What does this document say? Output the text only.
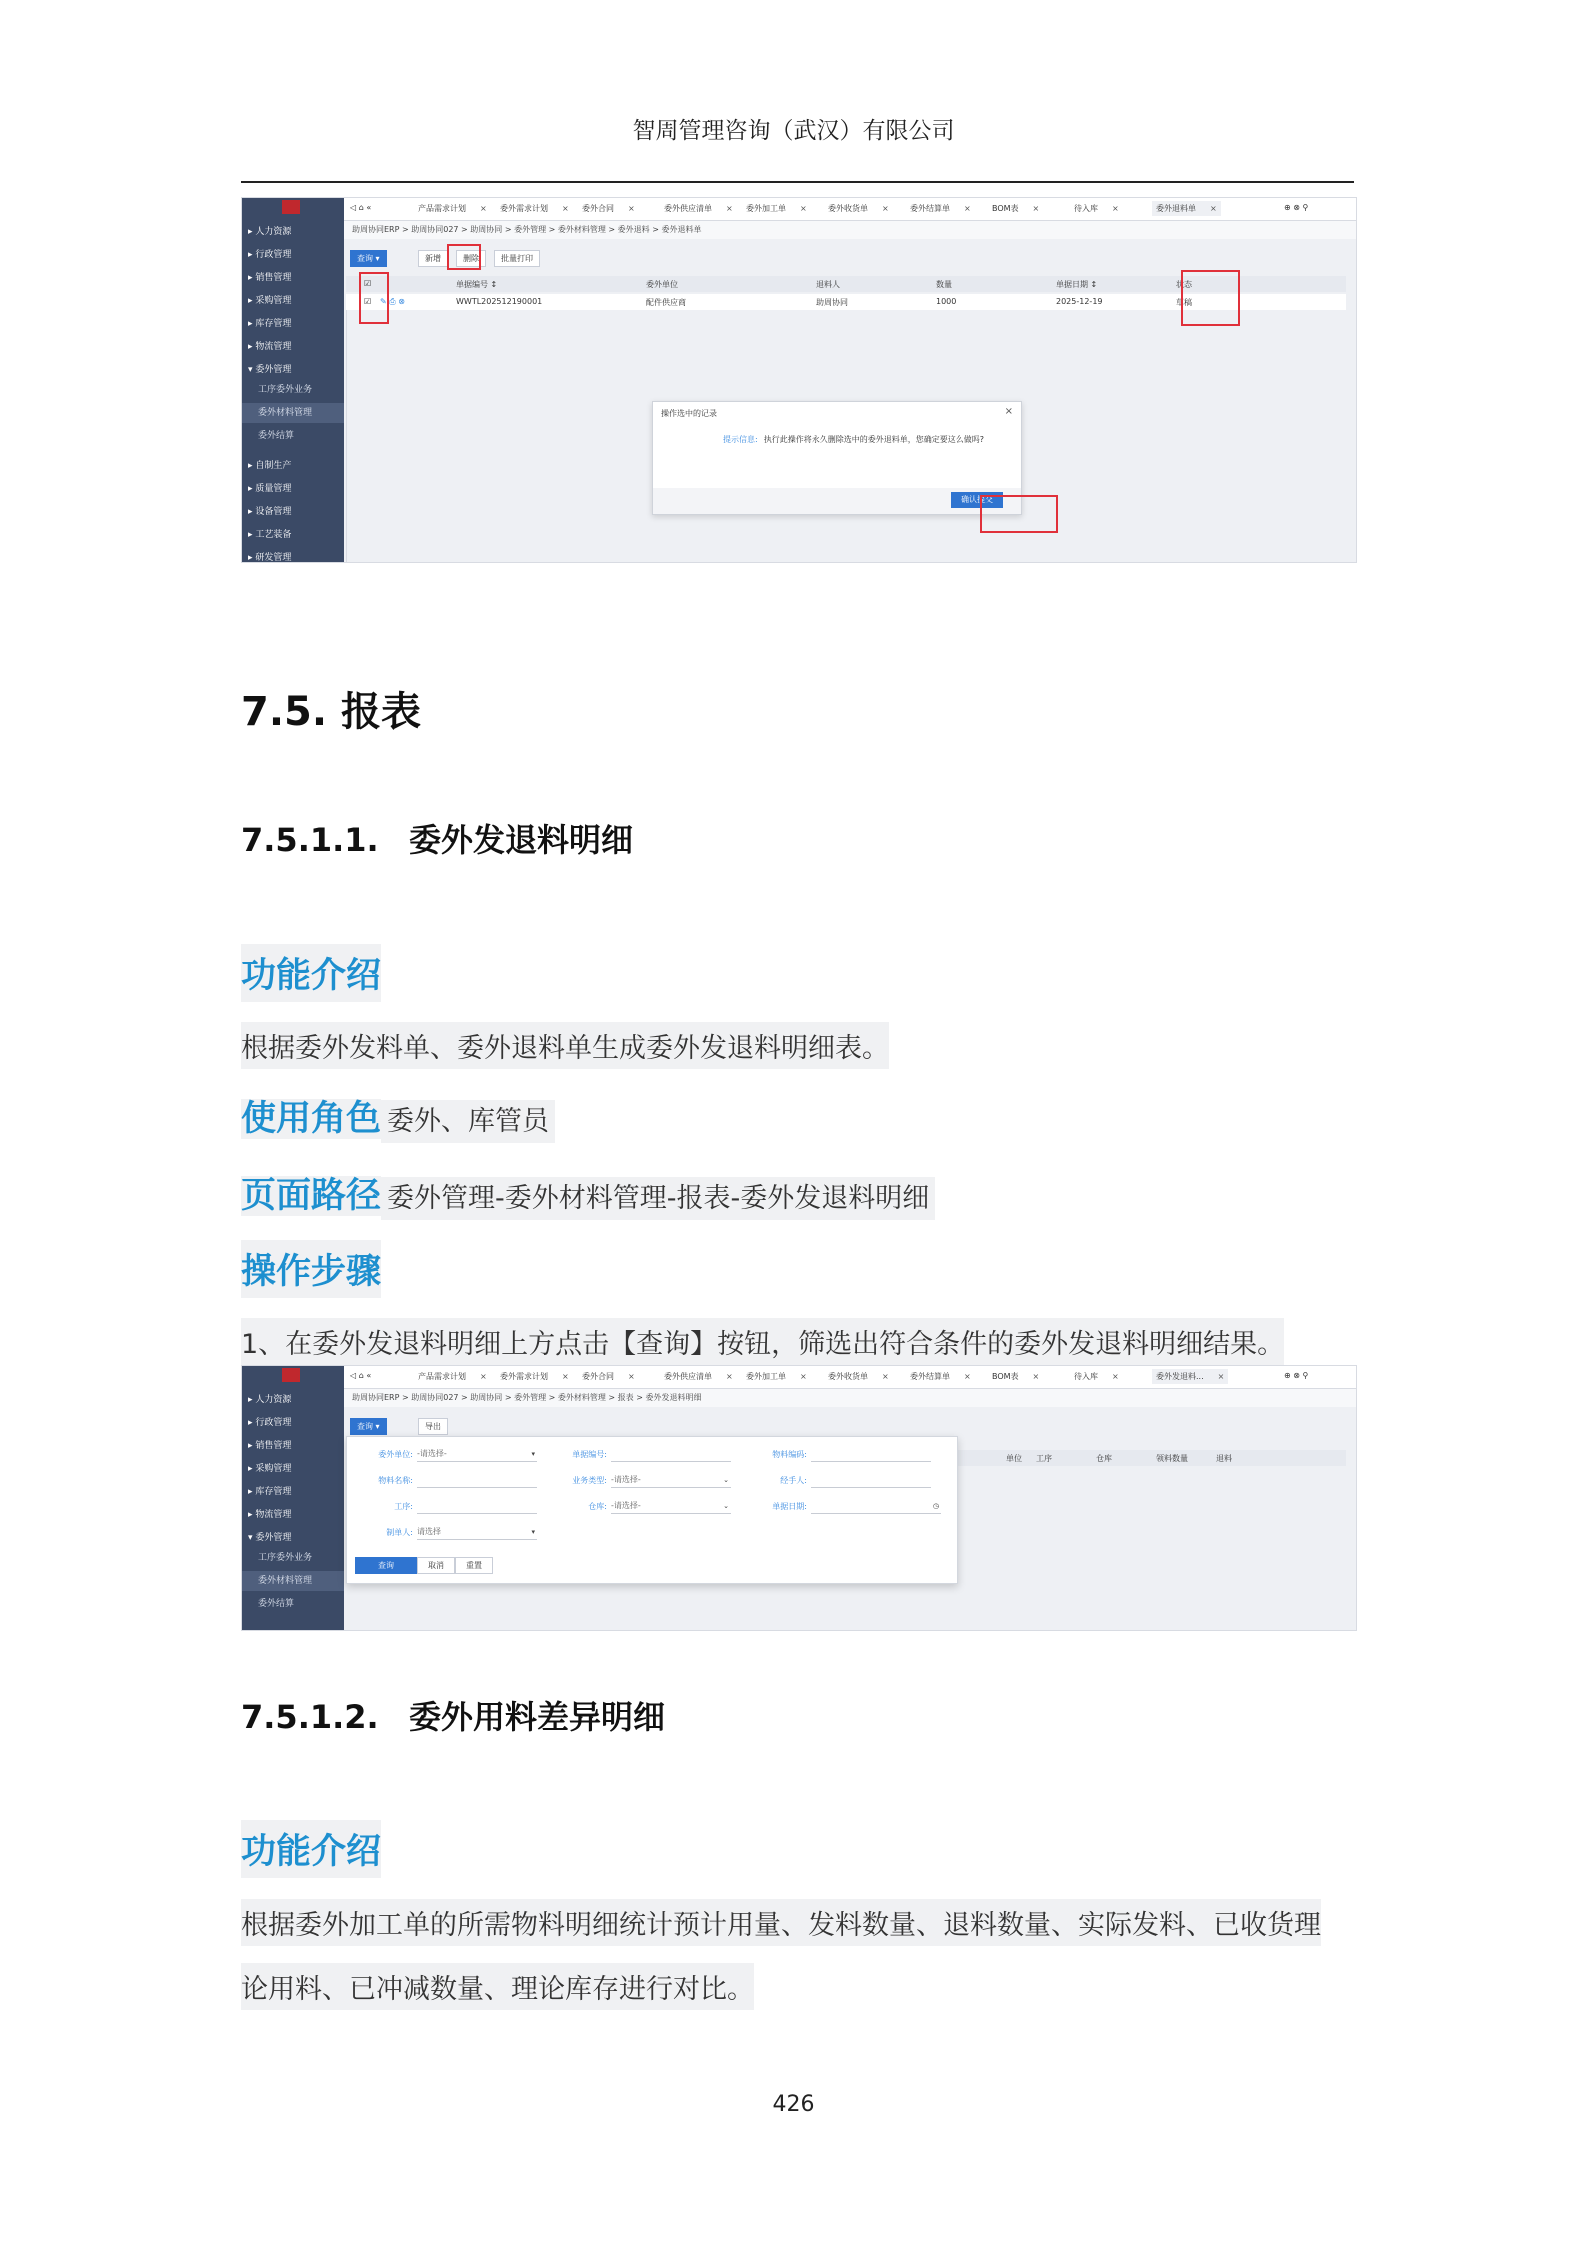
智周管理咨询（武汉）有限公司
▸ 人力资源
▸ 行政管理
▸ 销售管理
▸ 采购管理
▸ 库存管理
▸ 物流管理
▾ 委外管理
工序委外业务
委外材料管理
委外结算
▸ 自制生产
▸ 质量管理
▸ 设备管理
▸ 工艺装备
▸ 研发管理
◁ ⌂ «	产品需求计划 × 委外需求计划 × 委外合同 ×	委外供应清单 × 委外加工单 ×	委外收货单 ×	委外结算单 ×	BOM表 ×	待入库 ×	委外退料单 ×	⊕ ⊗ ⚲
助周协同ERP > 助周协同027 > 助周协同 > 委外管理 > 委外材料管理 > 委外退料 > 委外退料单
查询 ▾	新增	删除	批量打印
☑	单据编号 ↕	委外单位	退料人	数量	单据日期 ↕	状态
☑ ✎ ⎙ ⊗	WWTL202512190001	配件供应商	助周协同	1000	2025-12-19	草稿
操作选中的记录	×
提示信息: 执行此操作将永久删除选中的委外退料单，您确定要这么做吗?
确认提交
7.5. 报表
7.5.1.1. 委外发退料明细
功能介绍
根据委外发料单、委外退料单生成委外发退料明细表。
使用角色 委外、库管员
页面路径 委外管理-委外材料管理-报表-委外发退料明细
操作步骤
1、在委外发退料明细上方点击【查询】按钮，筛选出符合条件的委外发退料明细结果。
▸ 人力资源
▸ 行政管理
▸ 销售管理
▸ 采购管理
▸ 库存管理
▸ 物流管理
▾ 委外管理
工序委外业务
委外材料管理
委外结算
◁ ⌂ «	产品需求计划 × 委外需求计划 × 委外合同 ×	委外供应清单 × 委外加工单 ×	委外收货单 ×	委外结算单 ×	BOM表 ×	待入库 ×	委外发退料... ×	⊕ ⊗ ⚲
助周协同ERP > 助周协同027 > 助周协同 > 委外管理 > 委外材料管理 > 报表 > 委外发退料明细
查询 ▾	导出
单位 工序	仓库	领料数量	退料
委外单位: -请选择-	▾	单据编号:	物料编码:
物料名称:	业务类型: -请选择-	⌄	经手人:
工序:	仓库: -请选择-	⌄	单据日期:	◷
制单人: 请选择	▾
查询	取消	重置
7.5.1.2. 委外用料差异明细
功能介绍
根据委外加工单的所需物料明细统计预计用量、发料数量、退料数量、实际发料、已收货理
论用料、已冲减数量、理论库存进行对比。
426
